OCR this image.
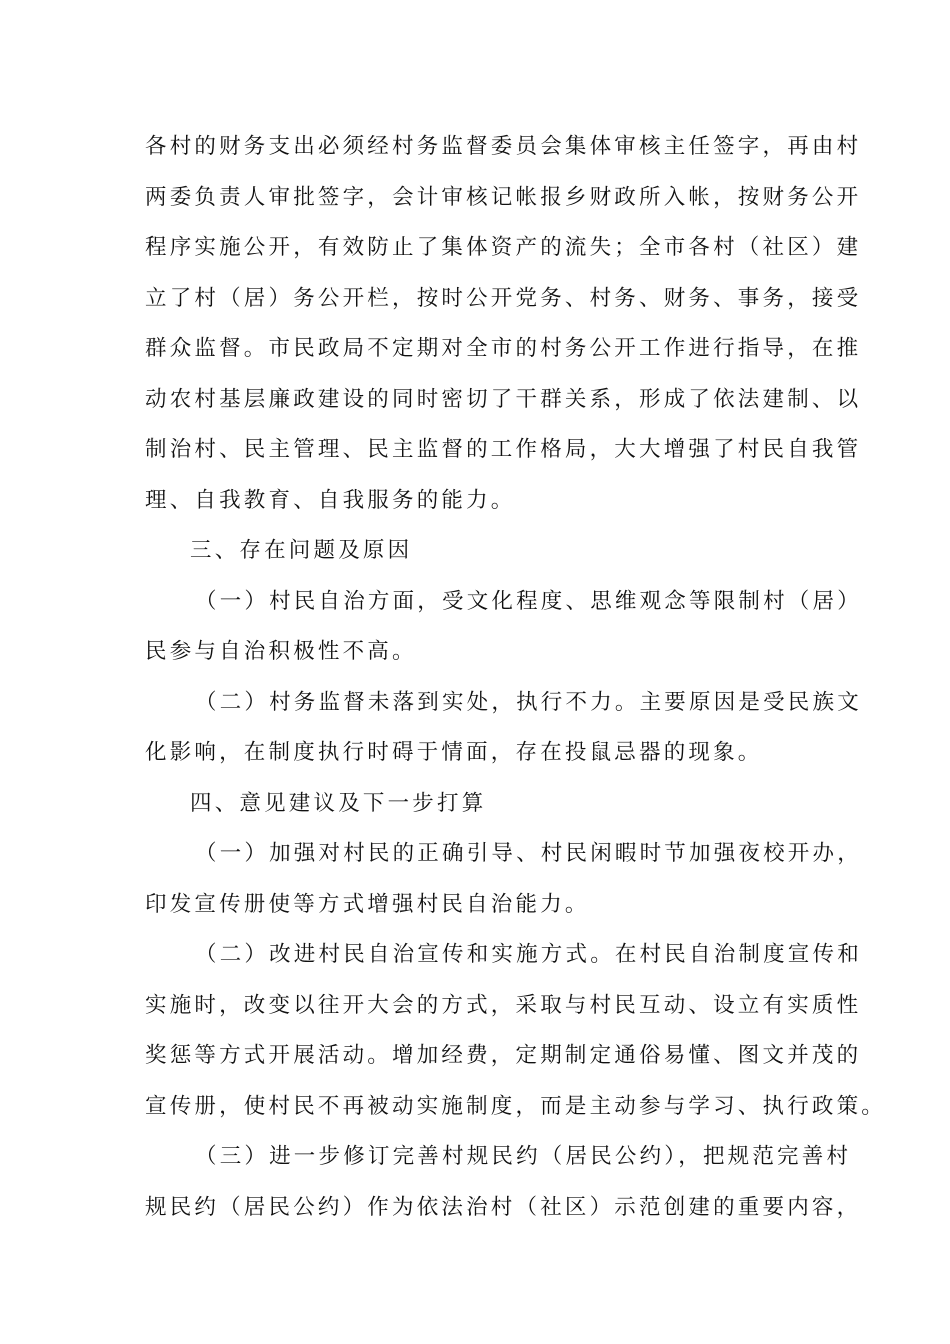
各村的财务支出必须经村务监督委员会集体审核主任签字，再由村
两委负责人审批签字，会计审核记帐报乡财政所入帐，按财务公开
程序实施公开，有效防止了集体资产的流失；全市各村（社区）建
立了村（居）务公开栏，按时公开党务、村务、财务、事务，接受
群众监督。市民政局不定期对全市的村务公开工作进行指导，在推
动农村基层廉政建设的同时密切了干群关系，形成了依法建制、以
制治村、民主管理、民主监督的工作格局，大大增强了村民自我管
理、自我教育、自我服务的能力。
三、存在问题及原因
（一）村民自治方面，受文化程度、思维观念等限制村（居）
民参与自治积极性不高。
（二）村务监督未落到实处，执行不力。主要原因是受民族文
化影响，在制度执行时碍于情面，存在投鼠忌器的现象。
四、意见建议及下一步打算
（一）加强对村民的正确引导、村民闲暇时节加强夜校开办，
印发宣传册使等方式增强村民自治能力。
（二）改进村民自治宣传和实施方式。在村民自治制度宣传和
实施时，改变以往开大会的方式，采取与村民互动、设立有实质性
奖惩等方式开展活动。增加经费，定期制定通俗易懂、图文并茂的
宣传册，使村民不再被动实施制度，而是主动参与学习、执行政策。
（三）进一步修订完善村规民约（居民公约），把规范完善村
规民约（居民公约）作为依法治村（社区）示范创建的重要内容，
